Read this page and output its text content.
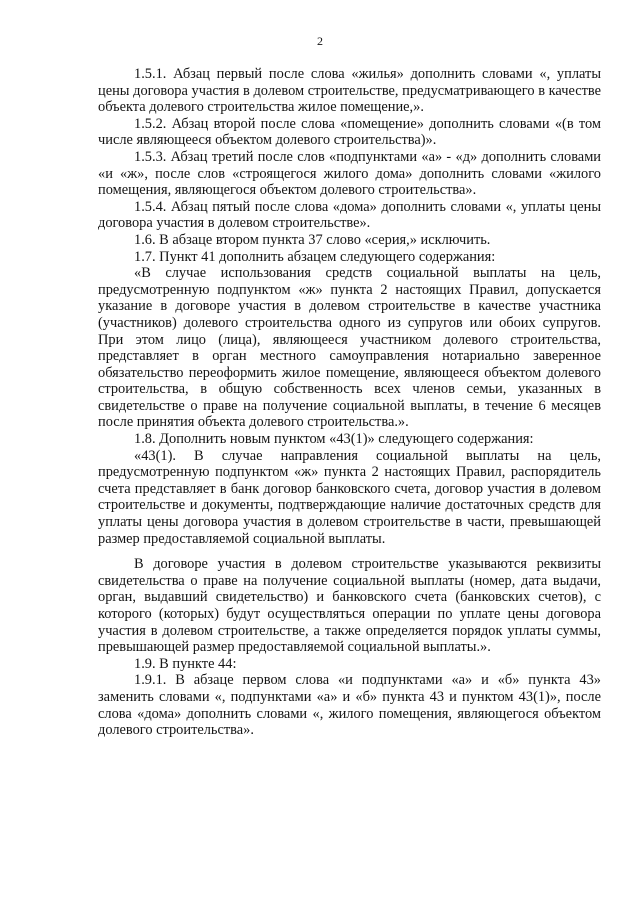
2

1.5.1. Абзац первый после слова «жилья» дополнить словами «, уплаты цены договора участия в долевом строительстве, предусматривающего в качестве объекта долевого строительства жилое помещение,».

1.5.2. Абзац второй после слова «помещение» дополнить словами «(в том числе являющееся объектом долевого строительства)».

1.5.3. Абзац третий после слов «подпунктами «а» - «д» дополнить словами «и «ж», после слов «строящегося жилого дома» дополнить словами «жилого помещения, являющегося объектом долевого строительства».

1.5.4. Абзац пятый после слова «дома» дополнить словами «, уплаты цены договора участия в долевом строительстве».

1.6. В абзаце втором пункта 37 слово «серия,» исключить.

1.7. Пункт 41 дополнить абзацем следующего содержания:

«В случае использования средств социальной выплаты на цель, предусмотренную подпунктом «ж» пункта 2 настоящих Правил, допускается указание в договоре участия в долевом строительстве в качестве участника (участников) долевого строительства одного из супругов или обоих супругов. При этом лицо (лица), являющееся участником долевого строительства, представляет в орган местного самоуправления нотариально заверенное обязательство переоформить жилое помещение, являющееся объектом долевого строительства, в общую собственность всех членов семьи, указанных в свидетельстве о праве на получение социальной выплаты, в течение 6 месяцев после принятия объекта долевого строительства.».

1.8. Дополнить новым пунктом «43(1)» следующего содержания:

«43(1). В случае направления социальной выплаты на цель, предусмотренную подпунктом «ж» пункта 2 настоящих Правил, распорядитель счета представляет в банк договор банковского счета, договор участия в долевом строительстве и документы, подтверждающие наличие достаточных средств для уплаты цены договора участия в долевом строительстве в части, превышающей размер предоставляемой социальной выплаты.

В договоре участия в долевом строительстве указываются реквизиты свидетельства о праве на получение социальной выплаты (номер, дата выдачи, орган, выдавший свидетельство) и банковского счета (банковских счетов), с которого (которых) будут осуществляться операции по уплате цены договора участия в долевом строительстве, а также определяется порядок уплаты суммы, превышающей размер предоставляемой социальной выплаты.».

1.9. В пункте 44:

1.9.1. В абзаце первом слова «и подпунктами «а» и «б» пункта 43» заменить словами «, подпунктами «а» и «б» пункта 43 и пунктом 43(1)», после слова «дома» дополнить словами «, жилого помещения, являющегося объектом долевого строительства».
